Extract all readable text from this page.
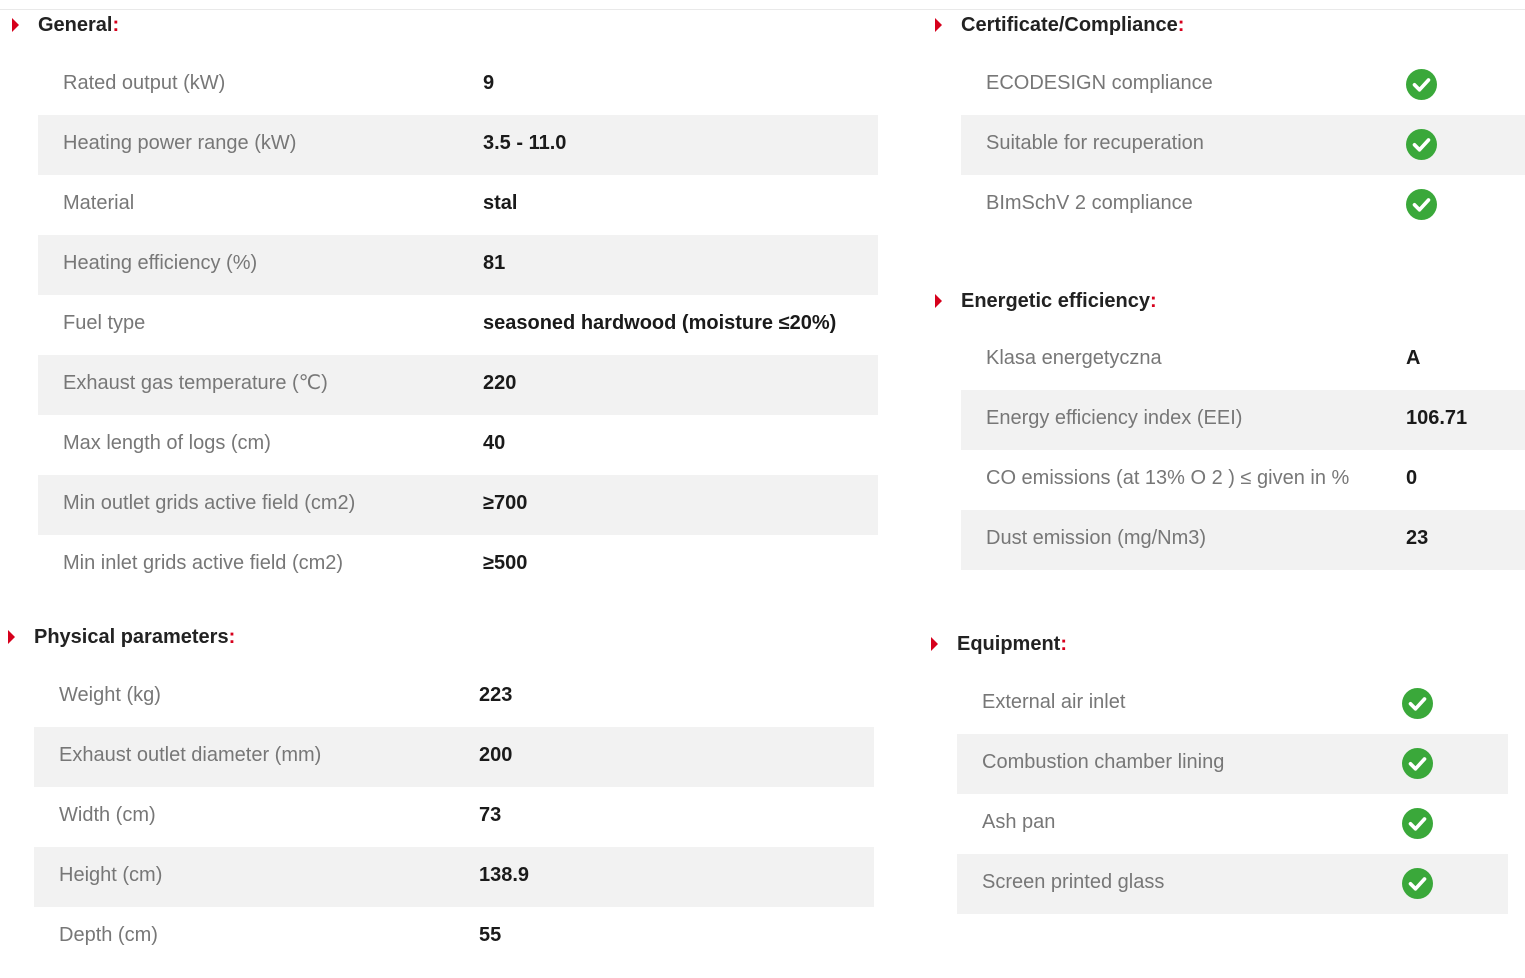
General:
Rated output (kW)	9
Heating power range (kW)	3.5 - 11.0
Material	stal
Heating efficiency (%)	81
Fuel type	seasoned hardwood (moisture ≤20%)
Exhaust gas temperature (℃)	220
Max length of logs (cm)	40
Min outlet grids active field (cm2)	≥700
Min inlet grids active field (cm2)	≥500
Physical parameters:
Weight (kg)	223
Exhaust outlet diameter (mm)	200
Width (cm)	73
Height (cm)	138.9
Depth (cm)	55
Certificate/Compliance:
ECODESIGN compliance
Suitable for recuperation
BImSchV 2 compliance
Energetic efficiency:
Klasa energetyczna	A
Energy efficiency index (EEI)	106.71
CO emissions (at 13% O 2 ) ≤ given in %	0
Dust emission (mg/Nm3)	23
Equipment:
External air inlet
Combustion chamber lining
Ash pan
Screen printed glass
